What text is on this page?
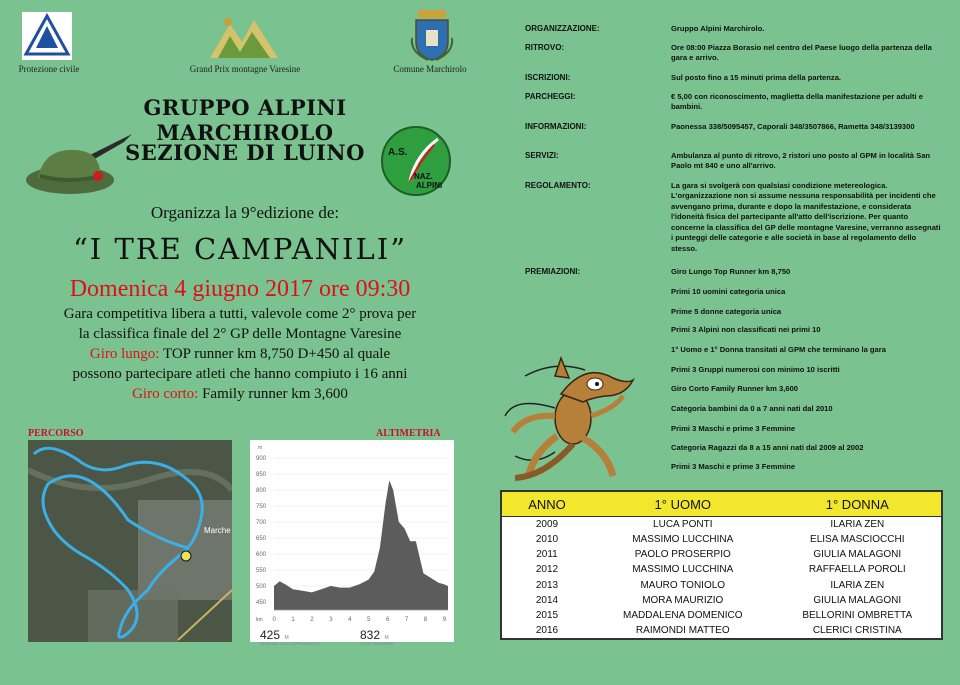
Protezione civile	Grand Prix montagne Varesine	Comune Marchirolo
A.S.
NAZ.
ALPINI
GRUPPO ALPINI MARCHIROLO
SEZIONE DI LUINO
Organizza la 9°edizione de:
“I TRE CAMPANILI”
Domenica 4 giugno 2017 ore 09:30
Gara competitiva libera a tutti, valevole come 2° prova per
la classifica finale del 2° GP delle Montagne Varesine
Giro lungo: TOP runner km 8,750 D+450 al quale
possono partecipare atleti che hanno compiuto i 16 anni
Giro corto: Family runner km 3,600
PERCORSO
Marche
ALTIMETRIA
m
km
900
850
800
750
700
650
600
550
500
450
0	1	2	3	4	5	6	7	8	9
425 M
DISLIVELLO COMPLESSIVO
832 M
ALTIT. MASSIMA
ORGANIZZAZIONE:	Gruppo Alpini Marchirolo.
RITROVO:	Ore 08:00 Piazza Borasio nel centro del Paese luogo della partenza della gara e arrivo.
ISCRIZIONI:	Sul posto fino a 15 minuti prima della partenza.
PARCHEGGI:	€ 5,00 con riconoscimento, maglietta della manifestazione per adulti e bambini.
INFORMAZIONI:	Paonessa 338/5095457, Caporali 348/3507866, Rametta 348/3139300
SERVIZI:	Ambulanza al punto di ritrovo, 2 ristori uno posto al GPM in località San Paolo mt 840 e uno all'arrivo.
REGOLAMENTO:	La gara si svolgerà con qualsiasi condizione metereologica. L'organizzazione non si assume nessuna responsabilità per incidenti che avvengano prima, durante e dopo la manifestazione, e considerata l'idoneità fisica del partecipante all'atto dell'iscrizione. Per quanto concerne la classifica del GP delle montagne Varesine, verranno assegnati i punteggi delle categorie e alle società in base al regolamento dello stesso.
PREMIAZIONI:	Giro Lungo Top Runner km 8,750
Primi 10 uomini categoria unica
Prime 5 donne categoria unica
Primi 3 Alpini non classificati nei primi 10
1° Uomo e 1° Donna transitati al GPM che terminano la gara
Primi 3 Gruppi numerosi con minimo 10 iscritti
Giro Corto Family Runner km 3,600
Categoria bambini da 0 a 7 anni nati dal 2010
Primi 3 Maschi e prime 3 Femmine
Categoria Ragazzi da 8 a 15 anni nati dal 2009 al 2002
Primi 3 Maschi e prime 3 Femmine
ANNO	1° UOMO	1° DONNA
2009	LUCA PONTI	ILARIA ZEN
2010	MASSIMO LUCCHINA	ELISA MASCIOCCHI
2011	PAOLO PROSERPIO	GIULIA MALAGONI
2012	MASSIMO LUCCHINA	RAFFAELLA POROLI
2013	MAURO TONIOLO	ILARIA ZEN
2014	MORA MAURIZIO	GIULIA MALAGONI
2015	MADDALENA DOMENICO	BELLORINI OMBRETTA
2016	RAIMONDI MATTEO	CLERICI CRISTINA
